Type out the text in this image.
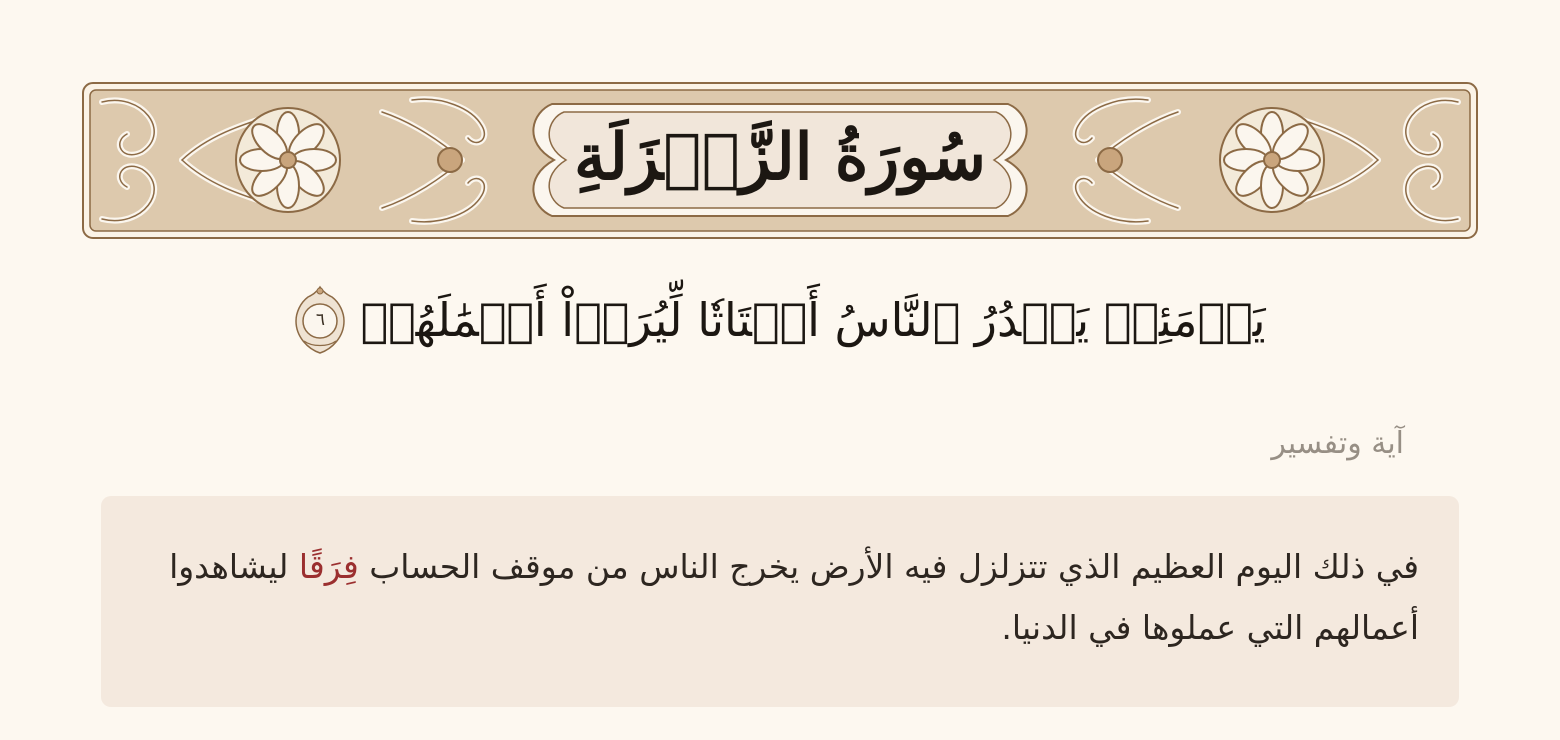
سُورَةُ الزَّلۡزَلَةِ
يَوۡمَئِذٖ يَصۡدُرُ ٱلنَّاسُ أَشۡتَاتٗا لِّيُرَوۡاْ أَعۡمَٰلَهُمۡ
٦
آية وتفسير

في ذلك اليوم العظيم الذي تتزلزل فيه الأرض يخرج الناس من موقف الحساب فِرَقًا ليشاهدوا أعمالهم التي عملوها في الدنيا.
